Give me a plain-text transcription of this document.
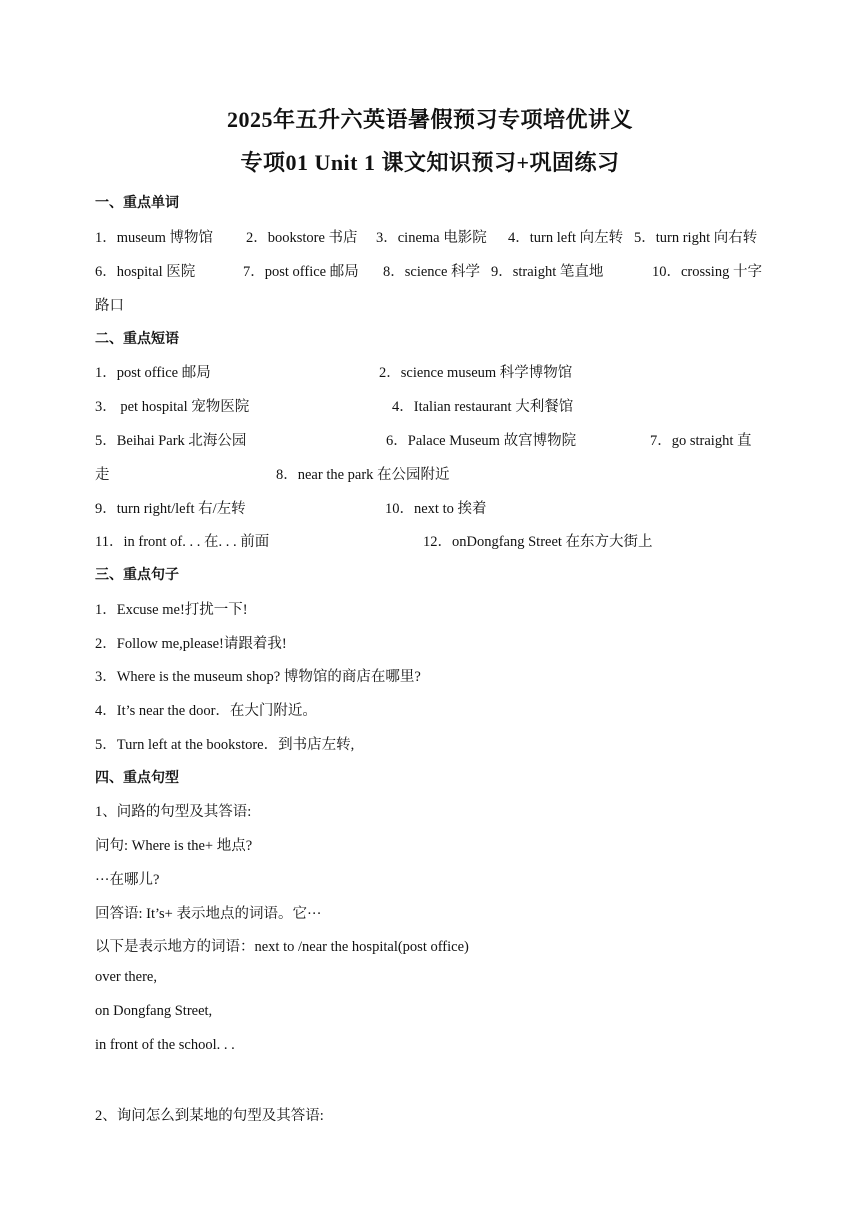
2025年五升六英语暑假预习专项培优讲义
专项01 Unit 1 课文知识预习+巩固练习
一、重点单词
1．museum 博物馆 2．bookstore 书店 3．cinema 电影院 4．turn left 向左转 5．turn right 向右转
6．hospital 医院	7．post office 邮局 8．science 科学 9．straight 笔直地	10．crossing 十字
路口
二、重点短语
1．post office 邮局	2．science museum 科学博物馆
3． pet hospital 宠物医院	4．Italian restaurant 大利餐馆
5．Beihai Park 北海公园	6．Palace Museum 故宫博物院	7．go straight 直
走	8．near the park 在公园附近
9．turn right/left 右/左转	10．next to 挨着
11．in front of. . . 在. . . 前面	12．onDongfang Street 在东方大街上
三、重点句子
1．Excuse me!打扰一下!
2．Follow me,please!请跟着我!
3．Where is the museum shop? 博物馆的商店在哪里?
4．It’s near the door．在大门附近。
5．Turn left at the bookstore．到书店左转,
四、重点句型
1、问路的句型及其答语:
问句: Where is the+ 地点?
···在哪儿?
回答语: It’s+ 表示地点的词语。它···
以下是表示地方的词语：next to /near the hospital(post office)
over there,
on Dongfang Street,
in front of the school. . .
2、询问怎么到某地的句型及其答语:
